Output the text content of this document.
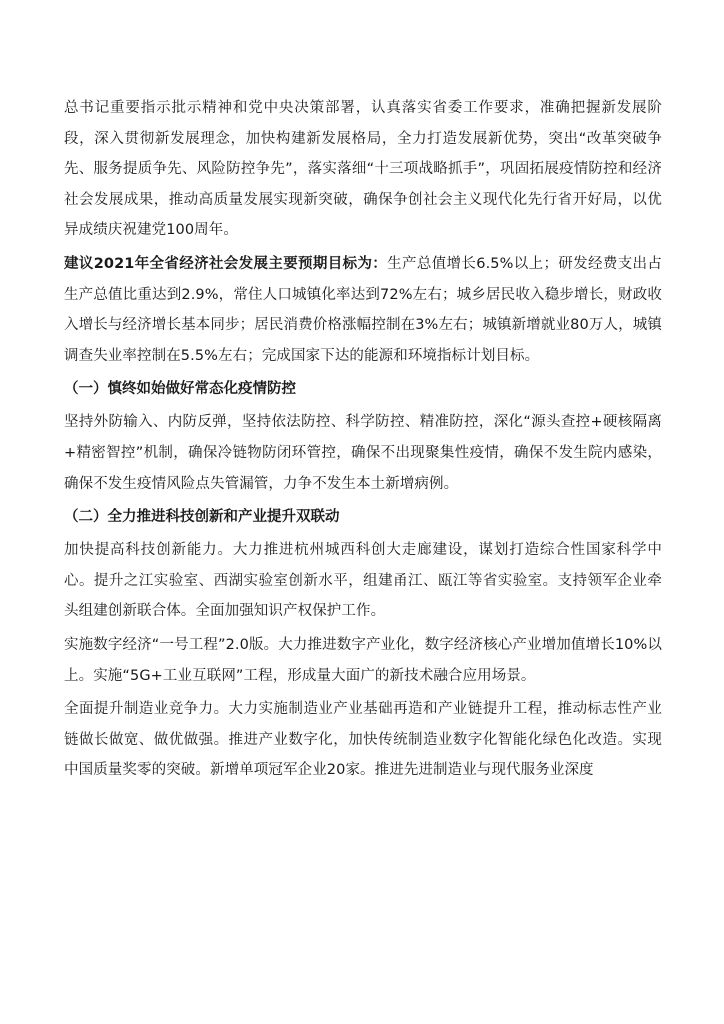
总书记重要指示批示精神和党中央决策部署，认真落实省委工作要求，准确把握新发展阶段，深入贯彻新发展理念，加快构建新发展格局，全力打造发展新优势，突出“改革突破争先、服务提质争先、风险防控争先”，落实落细“十三项战略抓手”，巩固拓展疫情防控和经济社会发展成果，推动高质量发展实现新突破，确保争创社会主义现代化先行省开好局，以优异成绩庆祝建党100周年。

建议2021年全省经济社会发展主要预期目标为：生产总值增长6.5%以上；研发经费支出占生产总值比重达到2.9%，常住人口城镇化率达到72%左右；城乡居民收入稳步增长，财政收入增长与经济增长基本同步；居民消费价格涨幅控制在3%左右；城镇新增就业80万人，城镇调查失业率控制在5.5%左右；完成国家下达的能源和环境指标计划目标。

（一）慎终如始做好常态化疫情防控

坚持外防输入、内防反弹，坚持依法防控、科学防控、精准防控，深化“源头查控+硬核隔离+精密智控”机制，确保冷链物防闭环管控，确保不出现聚集性疫情，确保不发生院内感染，确保不发生疫情风险点失管漏管，力争不发生本土新增病例。

（二）全力推进科技创新和产业提升双联动

加快提高科技创新能力。大力推进杭州城西科创大走廊建设，谋划打造综合性国家科学中心。提升之江实验室、西湖实验室创新水平，组建甬江、瓯江等省实验室。支持领军企业牵头组建创新联合体。全面加强知识产权保护工作。

实施数字经济“一号工程”2.0版。大力推进数字产业化，数字经济核心产业增加值增长10%以上。实施“5G+工业互联网”工程，形成量大面广的新技术融合应用场景。

全面提升制造业竞争力。大力实施制造业产业基础再造和产业链提升工程，推动标志性产业链做长做宽、做优做强。推进产业数字化，加快传统制造业数字化智能化绿色化改造。实现中国质量奖零的突破。新增单项冠军企业20家。推进先进制造业与现代服务业深度
